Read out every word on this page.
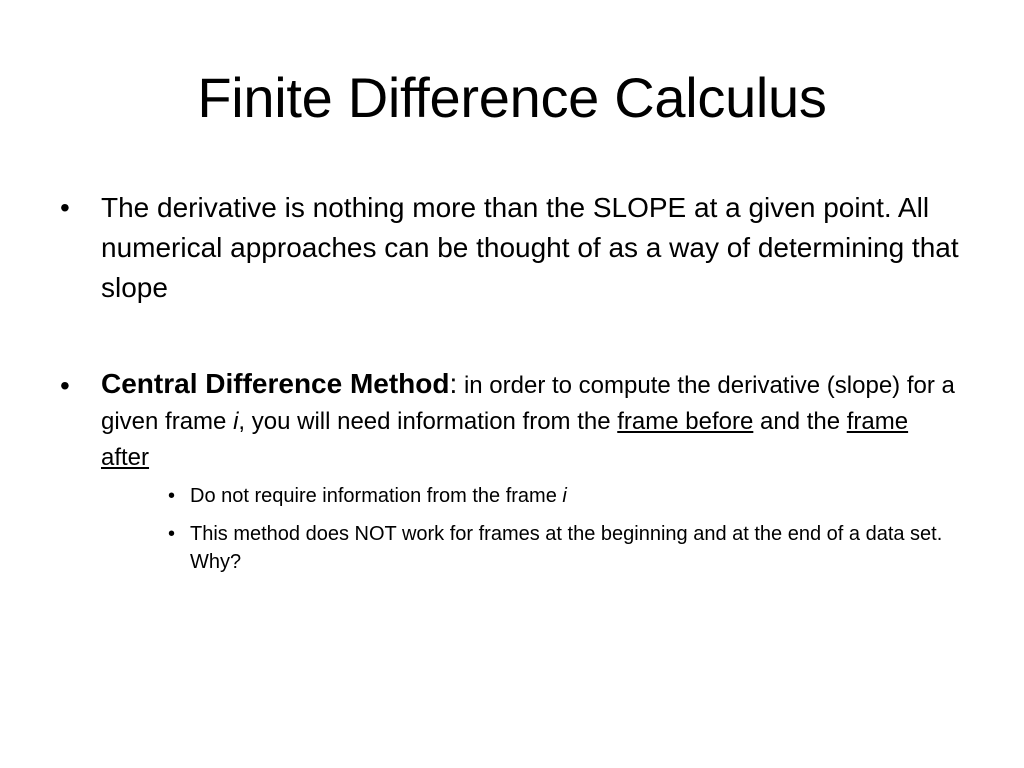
Finite Difference Calculus
• The derivative is nothing more than the SLOPE at a given point. All numerical approaches can be thought of as a way of determining that slope
• Central Difference Method: in order to compute the derivative (slope) for a given frame i, you will need information from the frame before and the frame after
• Do not require information from the frame i
• This method does NOT work for frames at the beginning and at the end of a data set. Why?
